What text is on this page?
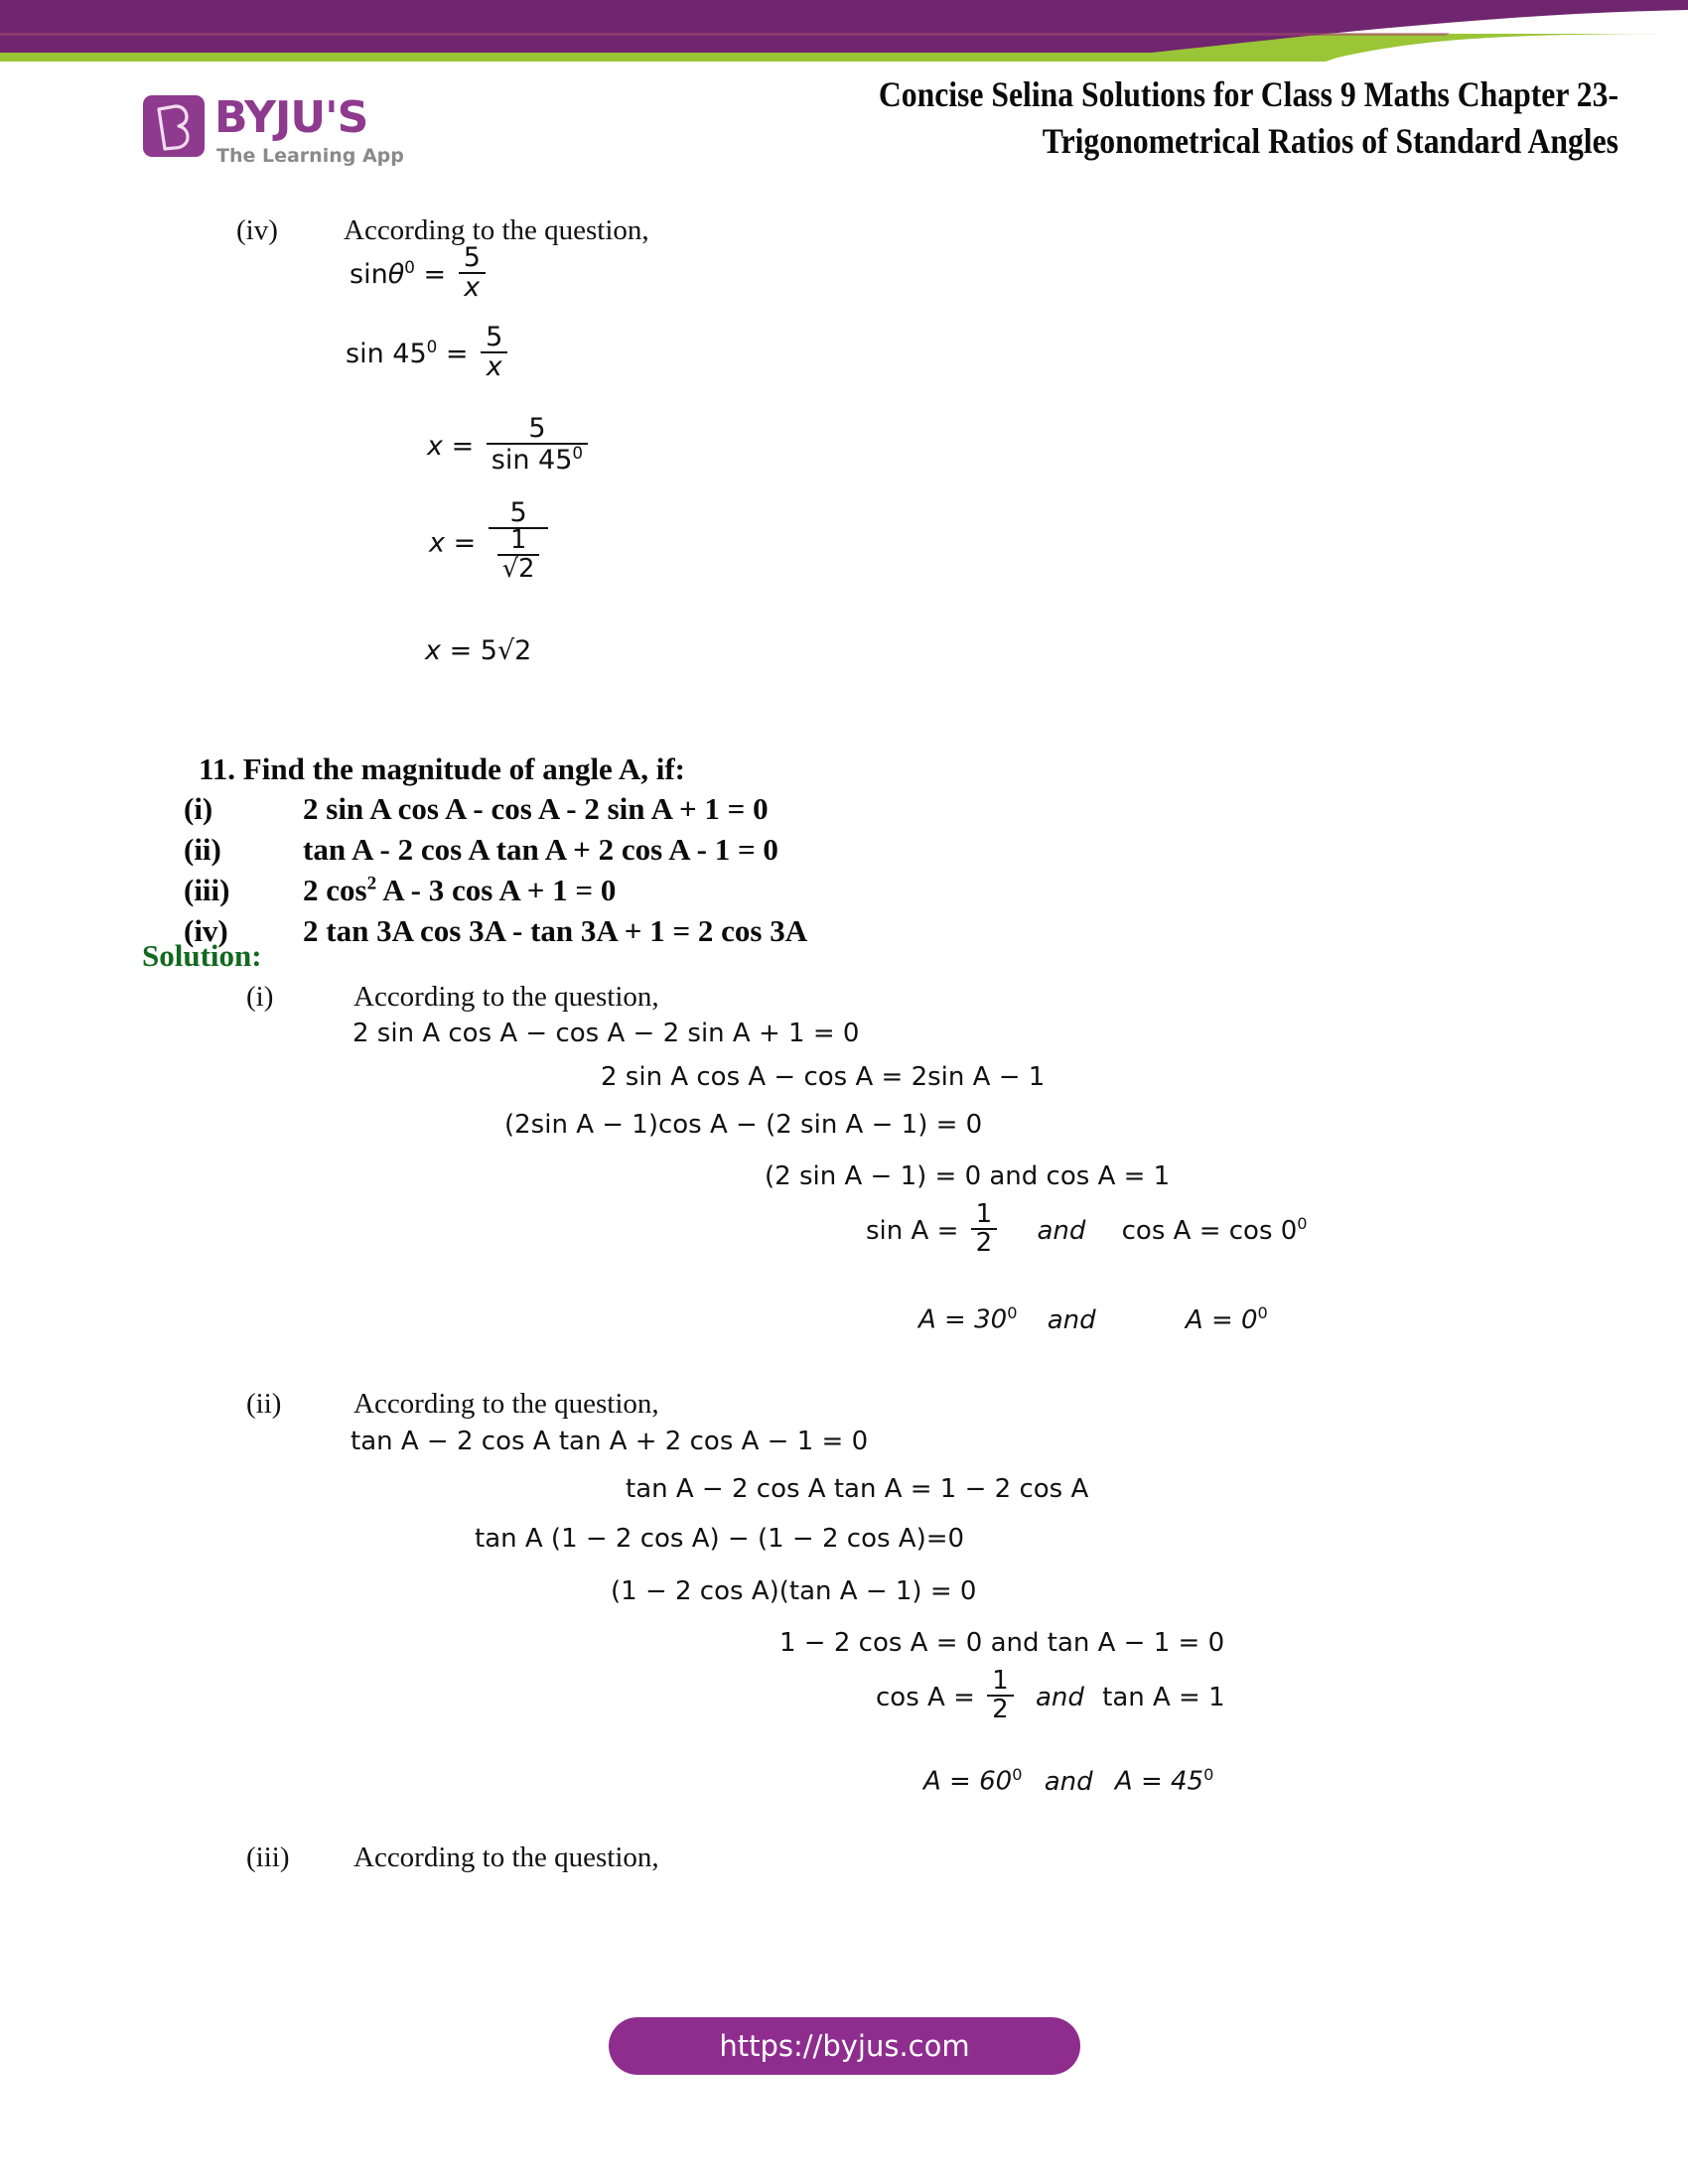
BYJU'S
The Learning App
Concise Selina Solutions for Class 9 Maths Chapter 23-
Trigonometrical Ratios of Standard Angles
(iv) According to the question,
$\sin\theta^0 = \frac{5}{x}$
$\sin 45^0 = \frac{5}{x}$
$x = \frac{5}{\sin 45^0}$
$x = \frac{5}{\frac{1}{√2}}$
x = 5√2
11. Find the magnitude of angle A, if:
(i)	2 sin A cos A - cos A - 2 sin A + 1 = 0
(ii)	tan A - 2 cos A tan A + 2 cos A - 1 = 0
(iii) 2 $\cos^2 A - 3$ cos A + 1 = 0
(iv) 2 tan 3A cos 3A - tan 3A + 1 = 2 cos 3A
Solution:
(i)	According to the question,
2 sin A cos A − cos A − 2 sin A + 1 = 0
2 sin A cos A − cos A = 2sin A − 1
(2sin A − 1)cos A − (2 sin A − 1) = 0
(2 sin A − 1) = 0 and cos A = 1
$\sin A = \frac{1}{2}$ and $\cos A = \cos 0^0$
$A = 30^0$ and	$A = 0^0$
(ii)	According to the question,
tan A − 2 cos A tan A + 2 cos A − 1 = 0
tan A − 2 cos A tan A = 1 − 2 cos A
tan A (1 − 2 cos A) − (1 − 2 cos A)=0
(1 − 2 cos A)(tan A − 1) = 0
1 − 2 cos A = 0 and tan A − 1 = 0
$\cos A = \frac{1}{2}$ and tan A = 1
$A = 60^0$ and $A = 45^0$
(iii) According to the question,
https://byjus.com
